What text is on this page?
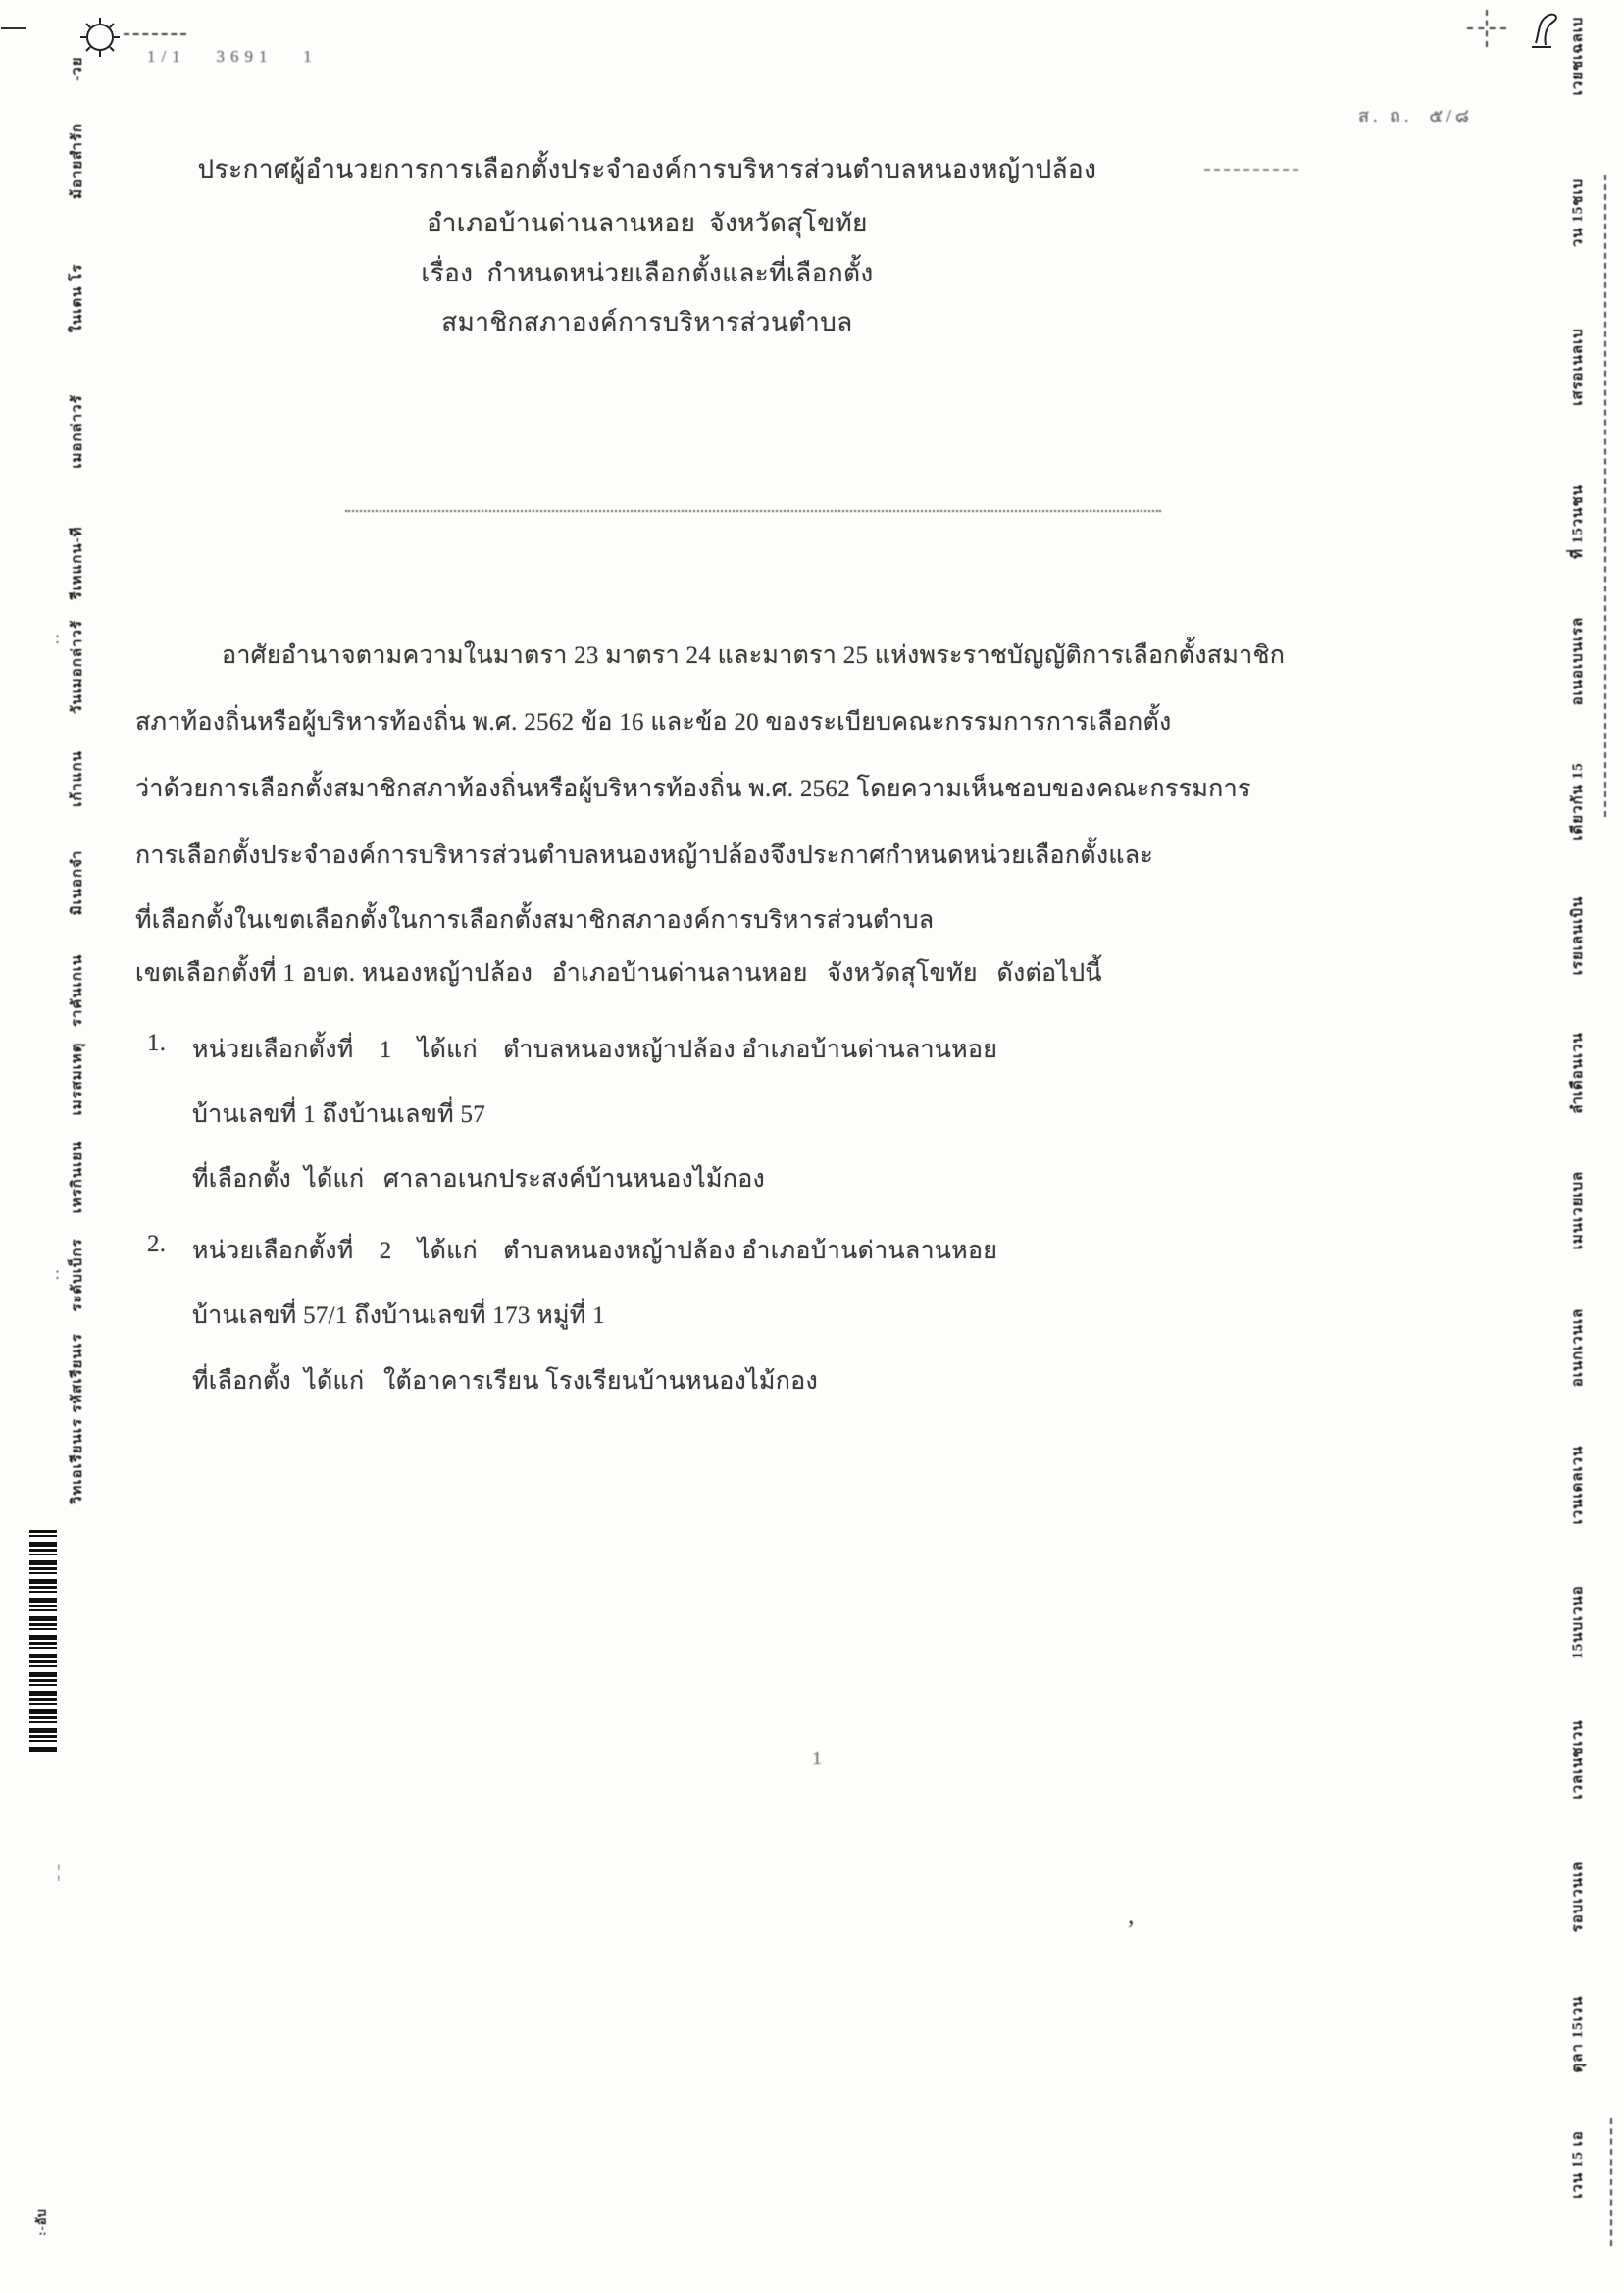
1/1   3691   1
ส. ถ.  ๕/๘
ประกาศผู้อำนวยการการเลือกตั้งประจำองค์การบริหารส่วนตำบลหนองหญ้าปล้อง
อำเภอบ้านด่านลานหอย  จังหวัดสุโขทัย
เรื่อง  กำหนดหน่วยเลือกตั้งและที่เลือกตั้ง
สมาชิกสภาองค์การบริหารส่วนตำบล
อาศัยอำนาจตามความในมาตรา 23 มาตรา 24 และมาตรา 25 แห่งพระราชบัญญัติการเลือกตั้งสมาชิก
สภาท้องถิ่นหรือผู้บริหารท้องถิ่น พ.ศ. 2562 ข้อ 16 และข้อ 20 ของระเบียบคณะกรรมการการเลือกตั้ง
ว่าด้วยการเลือกตั้งสมาชิกสภาท้องถิ่นหรือผู้บริหารท้องถิ่น พ.ศ. 2562 โดยความเห็นชอบของคณะกรรมการ
การเลือกตั้งประจำองค์การบริหารส่วนตำบลหนองหญ้าปล้องจึงประกาศกำหนดหน่วยเลือกตั้งและ
ที่เลือกตั้งในเขตเลือกตั้งในการเลือกตั้งสมาชิกสภาองค์การบริหารส่วนตำบล
เขตเลือกตั้งที่ 1 อบต. หนองหญ้าปล้อง   อำเภอบ้านด่านลานหอย   จังหวัดสุโขทัย   ดังต่อไปนี้
1. หน่วยเลือกตั้งที่    1    ได้แก่    ตำบลหนองหญ้าปล้อง อำเภอบ้านด่านลานหอย
บ้านเลขที่ 1 ถึงบ้านเลขที่ 57
ที่เลือกตั้ง  ได้แก่   ศาลาอเนกประสงค์บ้านหนองไม้กอง
2. หน่วยเลือกตั้งที่    2    ได้แก่    ตำบลหนองหญ้าปล้อง อำเภอบ้านด่านลานหอย
บ้านเลขที่ 57/1 ถึงบ้านเลขที่ 173 หมู่ที่ 1
ที่เลือกตั้ง  ได้แก่   ใต้อาคารเรียน โรงเรียนบ้านหนองไม้กอง
1
:
:
¦
,
:-อับ
-วย
ม้อายสำรัก
ในเตน โร
เมอกล่าวรั
รีเหแกน-ที
วันเมอกล่าวรั
เก้าแกน
มิเนอกจำ
ราคันเกเน
เมรสมเหตุ
เหรกินเยน
ระดับเบ็กร
รหัสเรียนเร
วิทเอเรียนเร
เวยชเฉลเบ
วน 15ชเบ
เสรอเนลเบ
ที่ 15วนชน
อเนอเบนเรล
เดียวกัน 15
เรยเลนเบิน
ลำเดือนเวน
เมนเวยเบล
อเนกเวนเล
เวนเดลเวน
15นบเวนอ
เวลเนชเวน
รอบเวนเล
ตุลา 15เวน
เวน 15 เอ
